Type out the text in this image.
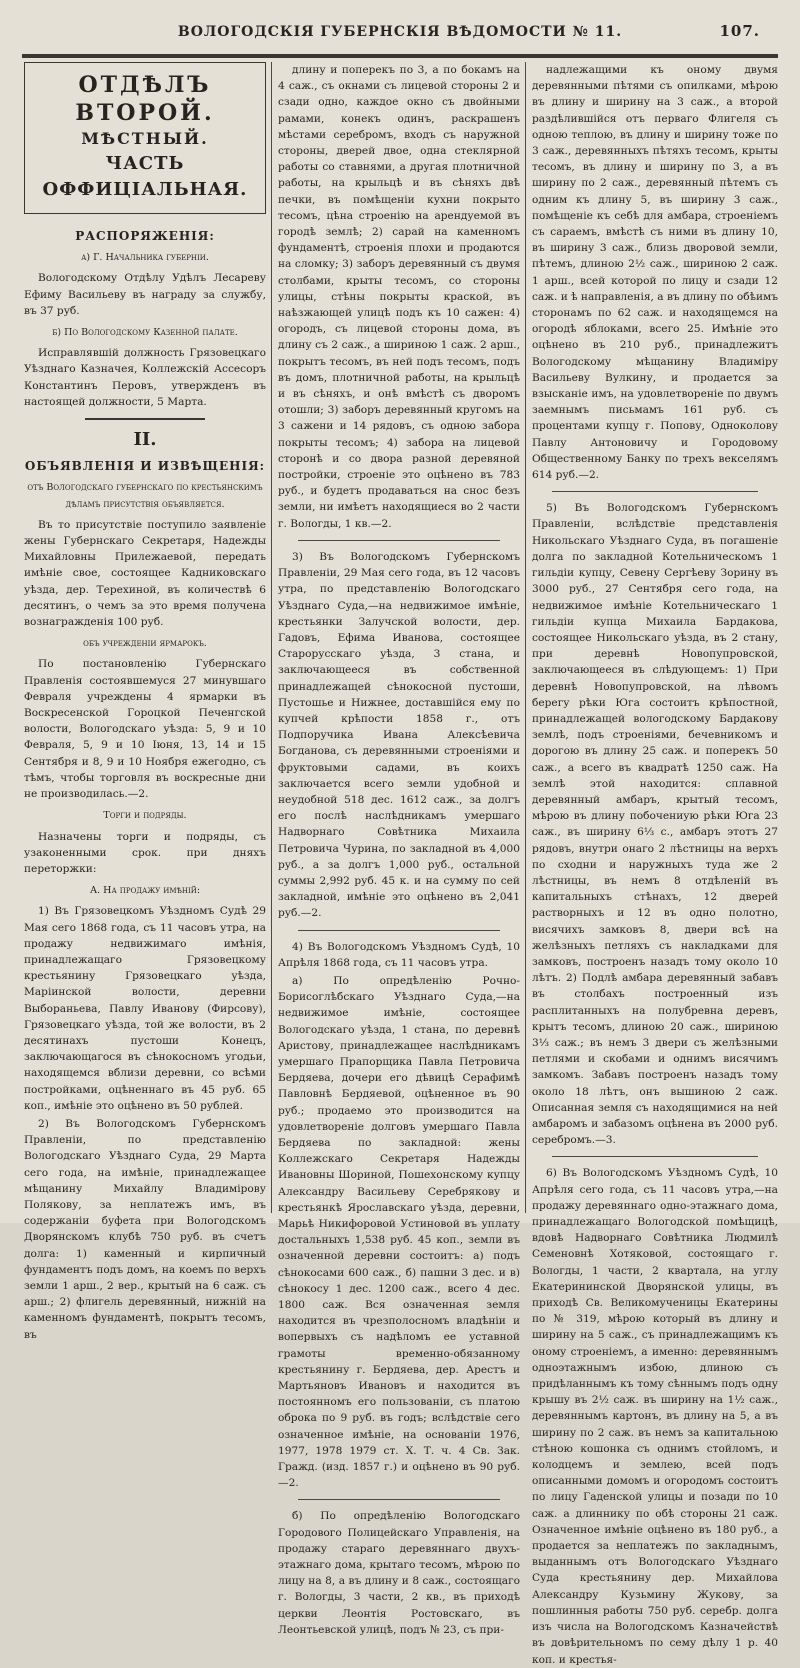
ВОЛОГОДСКІЯ ГУБЕРНСКІЯ ВѢДОМОСТИ № 11.	107.
ОТДѢЛЪ ВТОРОЙ.
МѢСТНЫЙ.
ЧАСТЬ ОФФИЦІАЛЬНАЯ.
РАСПОРЯЖЕНІЯ:
а) Г. Начальника губерніи.

Вологодскому Отдѣлу Удѣлъ Лесареву Ефиму Васильеву въ награду за службу, въ 37 руб.

б) По Вологодскому Казенной палате.

Исправлявшій должность Грязовецкаго Уѣзднаго Казначея, Коллежскій Ассесоръ Константинъ Перовъ, утвержденъ въ настоящей должности, 5 Марта.

II.
ОБЪЯВЛЕНІЯ И ИЗВѢЩЕНІЯ:
отъ Вологодскаго губернскаго по крестьянскимъ дѣламъ присутствія объявляется.

Въ то присутствіе поступило заявленіе жены Губернскаго Секретаря, Надежды Михайловны Прилежаевой, передать имѣніе свое, состоящее Кадниковскаго уѣзда, дер. Терехиной, въ количествѣ 6 десятинъ, о чемъ за это время получена вознагражденія 100 руб.

объ учрежденіи ярмарокъ.

По постановленію Губернскаго Правленія состоявшемуся 27 минувшаго Февраля учреждены 4 ярмарки въ Воскресенской Гороцкой Печенгской волости, Вологодскаго уѣзда: 5, 9 и 10 Февраля, 5, 9 и 10 Іюня, 13, 14 и 15 Сентября и 8, 9 и 10 Ноября ежегодно, съ тѣмъ, чтобы торговля въ воскресные дни не производилась.—2.

Торги и подряды.

Назначены торги и подряды, съ узаконенными срок. при дняхъ переторжки:

А. На продажу имѣній:

1) Въ Грязовецкомъ Уѣздномъ Судѣ 29 Мая сего 1868 года, съ 11 часовъ утра, на продажу недвижимаго имѣнія, принадлежащаго Грязовецкому крестьянину Грязовецкаго уѣзда, Маріинской волости, деревни Выбораньева, Павлу Иванову (Фирсову), Грязовецкаго уѣзда, той же волости, въ 2 десятинахъ пустоши Конецъ, заключающагося въ сѣнокосномъ угодьи, находящемся вблизи деревни, со всѣми постройками, оцѣненнаго въ 45 руб. 65 коп., имѣніе это оцѣнено въ 50 рублей.

2) Въ Вологодскомъ Губернскомъ Правленіи, по представленію Вологодскаго Уѣзднаго Суда, 29 Марта сего года, на имѣніе, принадлежащее мѣщанину Михайлу Владимірову Полякову, за неплатежъ имъ, въ содержаніи буфета при Вологодскомъ Дворянскомъ клубѣ 750 руб. въ счетъ долга: 1) каменный и кирпичный фундаментъ подъ домъ, на коемъ по верхъ земли 1 арш., 2 вер., крытый на 6 саж. съ арш.; 2) флигель деревянный, нижній на каменномъ фундаментѣ, покрытъ тесомъ, въ

длину и поперекъ по 3, а по бокамъ на 4 саж., съ окнами съ лицевой стороны 2 и сзади одно, каждое окно съ двойными рамами, конекъ одинъ, раскрашенъ мѣстами серебромъ, входъ съ наружной стороны, дверей двое, одна стеклярной работы со ставнями, а другая плотничной работы, на крыльцѣ и въ сѣняхъ двѣ печки, въ помѣщеніи кухни покрыто тесомъ, цѣна строенію на арендуемой въ городѣ землѣ; 2) сарай на каменномъ фундаментѣ, строенія плохи и продаются на сломку; 3) заборъ деревянный съ двумя столбами, крыты тесомъ, со стороны улицы, стѣны покрыты краской, въ наѣзжающей улицѣ подъ къ 10 сажен: 4) огородъ, съ лицевой стороны дома, въ длину съ 2 саж., а шириною 1 саж. 2 арш., покрытъ тесомъ, въ ней подъ тесомъ, подъ въ домъ, плотничной работы, на крыльцѣ и въ сѣняхъ, и онѣ вмѣстѣ съ дворомъ отошли; 3) заборъ деревянный кругомъ на 3 сажени и 14 рядовъ, съ одною забора покрыты тесомъ; 4) забора на лицевой сторонѣ и со двора разной деревяной постройки, строеніе это оцѣнено въ 783 руб., и будетъ продаваться на снос безъ земли, ни имѣетъ находящиеся во 2 части г. Вологды, 1 кв.—2.

3) Въ Вологодскомъ Губернскомъ Правленіи, 29 Мая сего года, въ 12 часовъ утра, по представленію Вологодскаго Уѣзднаго Суда,—на недвижимое имѣніе, крестьянки Залучской волости, дер. Гадовъ, Ефима Иванова, состоящее Старорусскаго уѣзда, 3 стана, и заключающееся въ собственной принадлежащей сѣнокосной пустоши, Пустошье и Нижнее, доставшійся ему по купчей крѣпости 1858 г., отъ Подпоручика Ивана Алексѣевича Богданова, съ деревянными строеніями и фруктовыми садами, въ коихъ заключается всего земли удобной и неудобной 518 дес. 1612 саж., за долгъ его послѣ наслѣдникамъ умершаго Надворнаго Совѣтника Михаила Петровича Чурина, по закладной въ 4,000 руб., а за долгъ 1,000 руб., остальной суммы 2,992 руб. 45 к. и на сумму по сей закладной, имѣніе это оцѣнено въ 2,041 руб.—2.

4) Въ Вологодскомъ Уѣздномъ Судѣ, 10 Апрѣля 1868 года, съ 11 часовъ утра.

а) По опредѣленію Рочно-Борисоглѣбскаго Уѣзднаго Суда,—на недвижимое имѣніе, состоящее Вологодскаго уѣзда, 1 стана, по деревнѣ Аристову, принадлежащее наслѣдникамъ умершаго Прапорщика Павла Петровича Бердяева, дочери его дѣвицѣ Серафимѣ Павловнѣ Бердяевой, оцѣненное въ 90 руб.; продаемо это производится на удовлетвореніе долговъ умершаго Павла Бердяева по закладной: жены Коллежскаго Секретаря Надежды Ивановны Шориной, Пошехонскому купцу Александру Васильеву Серебрякову и крестьянкѣ Ярославскаго уѣзда, деревни, Марьѣ Никифоровой Устиновой въ уплату достальныхъ 1,538 руб. 45 коп., земли въ означенной деревни состоитъ: а) подъ сѣнокосами 600 саж., б) пашни 3 дес. и в) сѣнокосу 1 дес. 1200 саж., всего 4 дес. 1800 саж. Вся означенная земля находится въ чрезполосномъ владѣніи и вопервыхъ съ надѣломъ ее уставной грамоты временно-обязанному крестьянину г. Бердяева, дер. Арестъ и Мартьяновъ Ивановъ и находится въ постоянномъ его пользованіи, съ платою оброка по 9 руб. въ годъ; вслѣдствіе сего означенное имѣніе, на основаніи 1976, 1977, 1978 1979 ст. Х. Т. ч. 4 Св. Зак. Гражд. (изд. 1857 г.) и оцѣнено въ 90 руб.—2.

б) По опредѣленію Вологодскаго Городового Полицейскаго Управленія, на продажу стараго деревяннаго двухъ-этажнаго дома, крытаго тесомъ, мѣрою по лицу на 8, а въ длину и 8 саж., состоящаго г. Вологды, 3 части, 2 кв., въ приходѣ церкви Леонтія Ростовскаго, въ Леонтьевской улицѣ, подъ № 23, съ при-

надлежащими къ оному двумя деревянными пѣтями съ опилками, мѣрою въ длину и ширину на 3 саж., а второй раздѣлившійся отъ перваго Флигеля съ одною теплою, въ длину и ширину тоже по 3 саж., деревянныхъ пѣтяхъ тесомъ, крыты тесомъ, въ длину и ширину по 3, а въ ширину по 2 саж., деревянный пѣтемъ съ одним къ длину 5, въ ширину 3 саж., помѣщеніе къ себѣ для амбара, строеніемъ съ сараемъ, вмѣстѣ съ ними въ длину 10, въ ширину 3 саж., близь дворовой земли, пѣтемъ, длиною 2½ саж., шириною 2 саж. 1 арш., всей которой по лицу и сзади 12 саж. и ѣ направленія, а въ длину по обѣимъ сторонамъ по 62 саж. и находящемся на огородѣ яблоками, всего 25. Имѣніе это оцѣнено въ 210 руб., принадлежитъ Вологодскому мѣщанину Владиміру Васильеву Вулкину, и продается за взысканіе имъ, на удовлетвореніе по двумъ заемнымъ письмамъ 161 руб. съ процентами купцу г. Попову, Одноколову Павлу Антоновичу и Городовому Общественному Банку по трехъ векселямъ 614 руб.—2.

5) Въ Вологодскомъ Губернскомъ Правленіи, вслѣдствіе представленія Никольскаго Уѣзднаго Суда, въ погашеніе долга по закладной Котельническомъ 1 гильдіи купцу, Севену Сергѣеву Зорину въ 3000 руб., 27 Сентября сего года, на недвижимое имѣніе Котельническаго 1 гильдіи купца Михаила Бардакова, состоящее Никольскаго уѣзда, въ 2 стану, при деревнѣ Новопупровской, заключающееся въ слѣдующемъ: 1) При деревнѣ Новопупровской, на лѣвомъ берегу рѣки Юга состоитъ крѣпостной, принадлежащей вологодскому Бардакову землѣ, подъ строеніями, бечевникомъ и дорогою въ длину 25 саж. и поперекъ 50 саж., а всего въ квадратѣ 1250 саж. На землѣ этой находится: сплавной деревянный амбаръ, крытый тесомъ, мѣрою въ длину побочениую рѣки Юга 23 саж., въ ширину 6⅓ с., амбаръ этотъ 27 рядовъ, внутри онаго 2 лѣстницы на верхъ по сходни и наружныхъ туда же 2 лѣстницы, въ немъ 8 отдѣленій въ капитальныхъ стѣнахъ, 12 дверей растворныхъ и 12 въ одно полотно, висячихъ замковъ 8, двери всѣ на желѣзныхъ петляхъ съ накладками для замковъ, построенъ назадъ тому около 10 лѣтъ. 2) Подлѣ амбара деревянный забавъ въ столбахъ построенный изъ расплитанныхъ на полубревна деревъ, крытъ тесомъ, длиною 20 саж., шириною 3⅓ саж.; въ немъ 3 двери съ желѣзными петлями и скобами и однимъ висячимъ замкомъ. Забавъ построенъ назадъ тому около 18 лѣтъ, онъ вышиною 2 саж. Описанная земля съ находящимися на ней амбаромъ и забазомъ оцѣнена въ 2000 руб. серебромъ.—3.

6) Въ Вологодскомъ Уѣздномъ Судѣ, 10 Апрѣля сего года, съ 11 часовъ утра,—на продажу деревяннаго одно-этажнаго дома, принадлежащаго Вологодской помѣщицѣ, вдовѣ Надворнаго Совѣтника Людмилѣ Семеновнѣ Хотяковой, состоящаго г. Вологды, 1 части, 2 квартала, на углу Екатерининской Дворянской улицы, въ приходѣ Св. Великомученицы Екатерины по № 319, мѣрою который въ длину и ширину на 5 саж., съ принадлежащимъ къ оному строеніемъ, а именно: деревяннымъ одноэтажнымъ избою, длиною съ придѣланнымъ къ тому сѣннымъ подъ одну крышу въ 2½ саж. въ ширину на 1½ саж., деревяннымъ картонъ, въ длину на 5, а въ ширину по 2 саж. въ немъ за капитальною стѣною кошонка съ однимъ стойломъ, и колодцемъ и землею, всей подъ описанными домомъ и огородомъ состоитъ по лицу Гаденской улицы и позади по 10 саж. а длиннику по обѣ стороны 21 саж. Означенное имѣніе оцѣнено въ 180 руб., а продается за неплатежъ по закладнымъ, выданнымъ отъ Вологодскаго Уѣзднаго Суда крестьянину дер. Михайлова Александру Кузьмину Жукову, за пошлинныя работы 750 руб. серебр. долга изъ числа на Вологодскомъ Казначействѣ въ довѣрительномъ по сему дѣлу 1 р. 40 коп. и крестья-
